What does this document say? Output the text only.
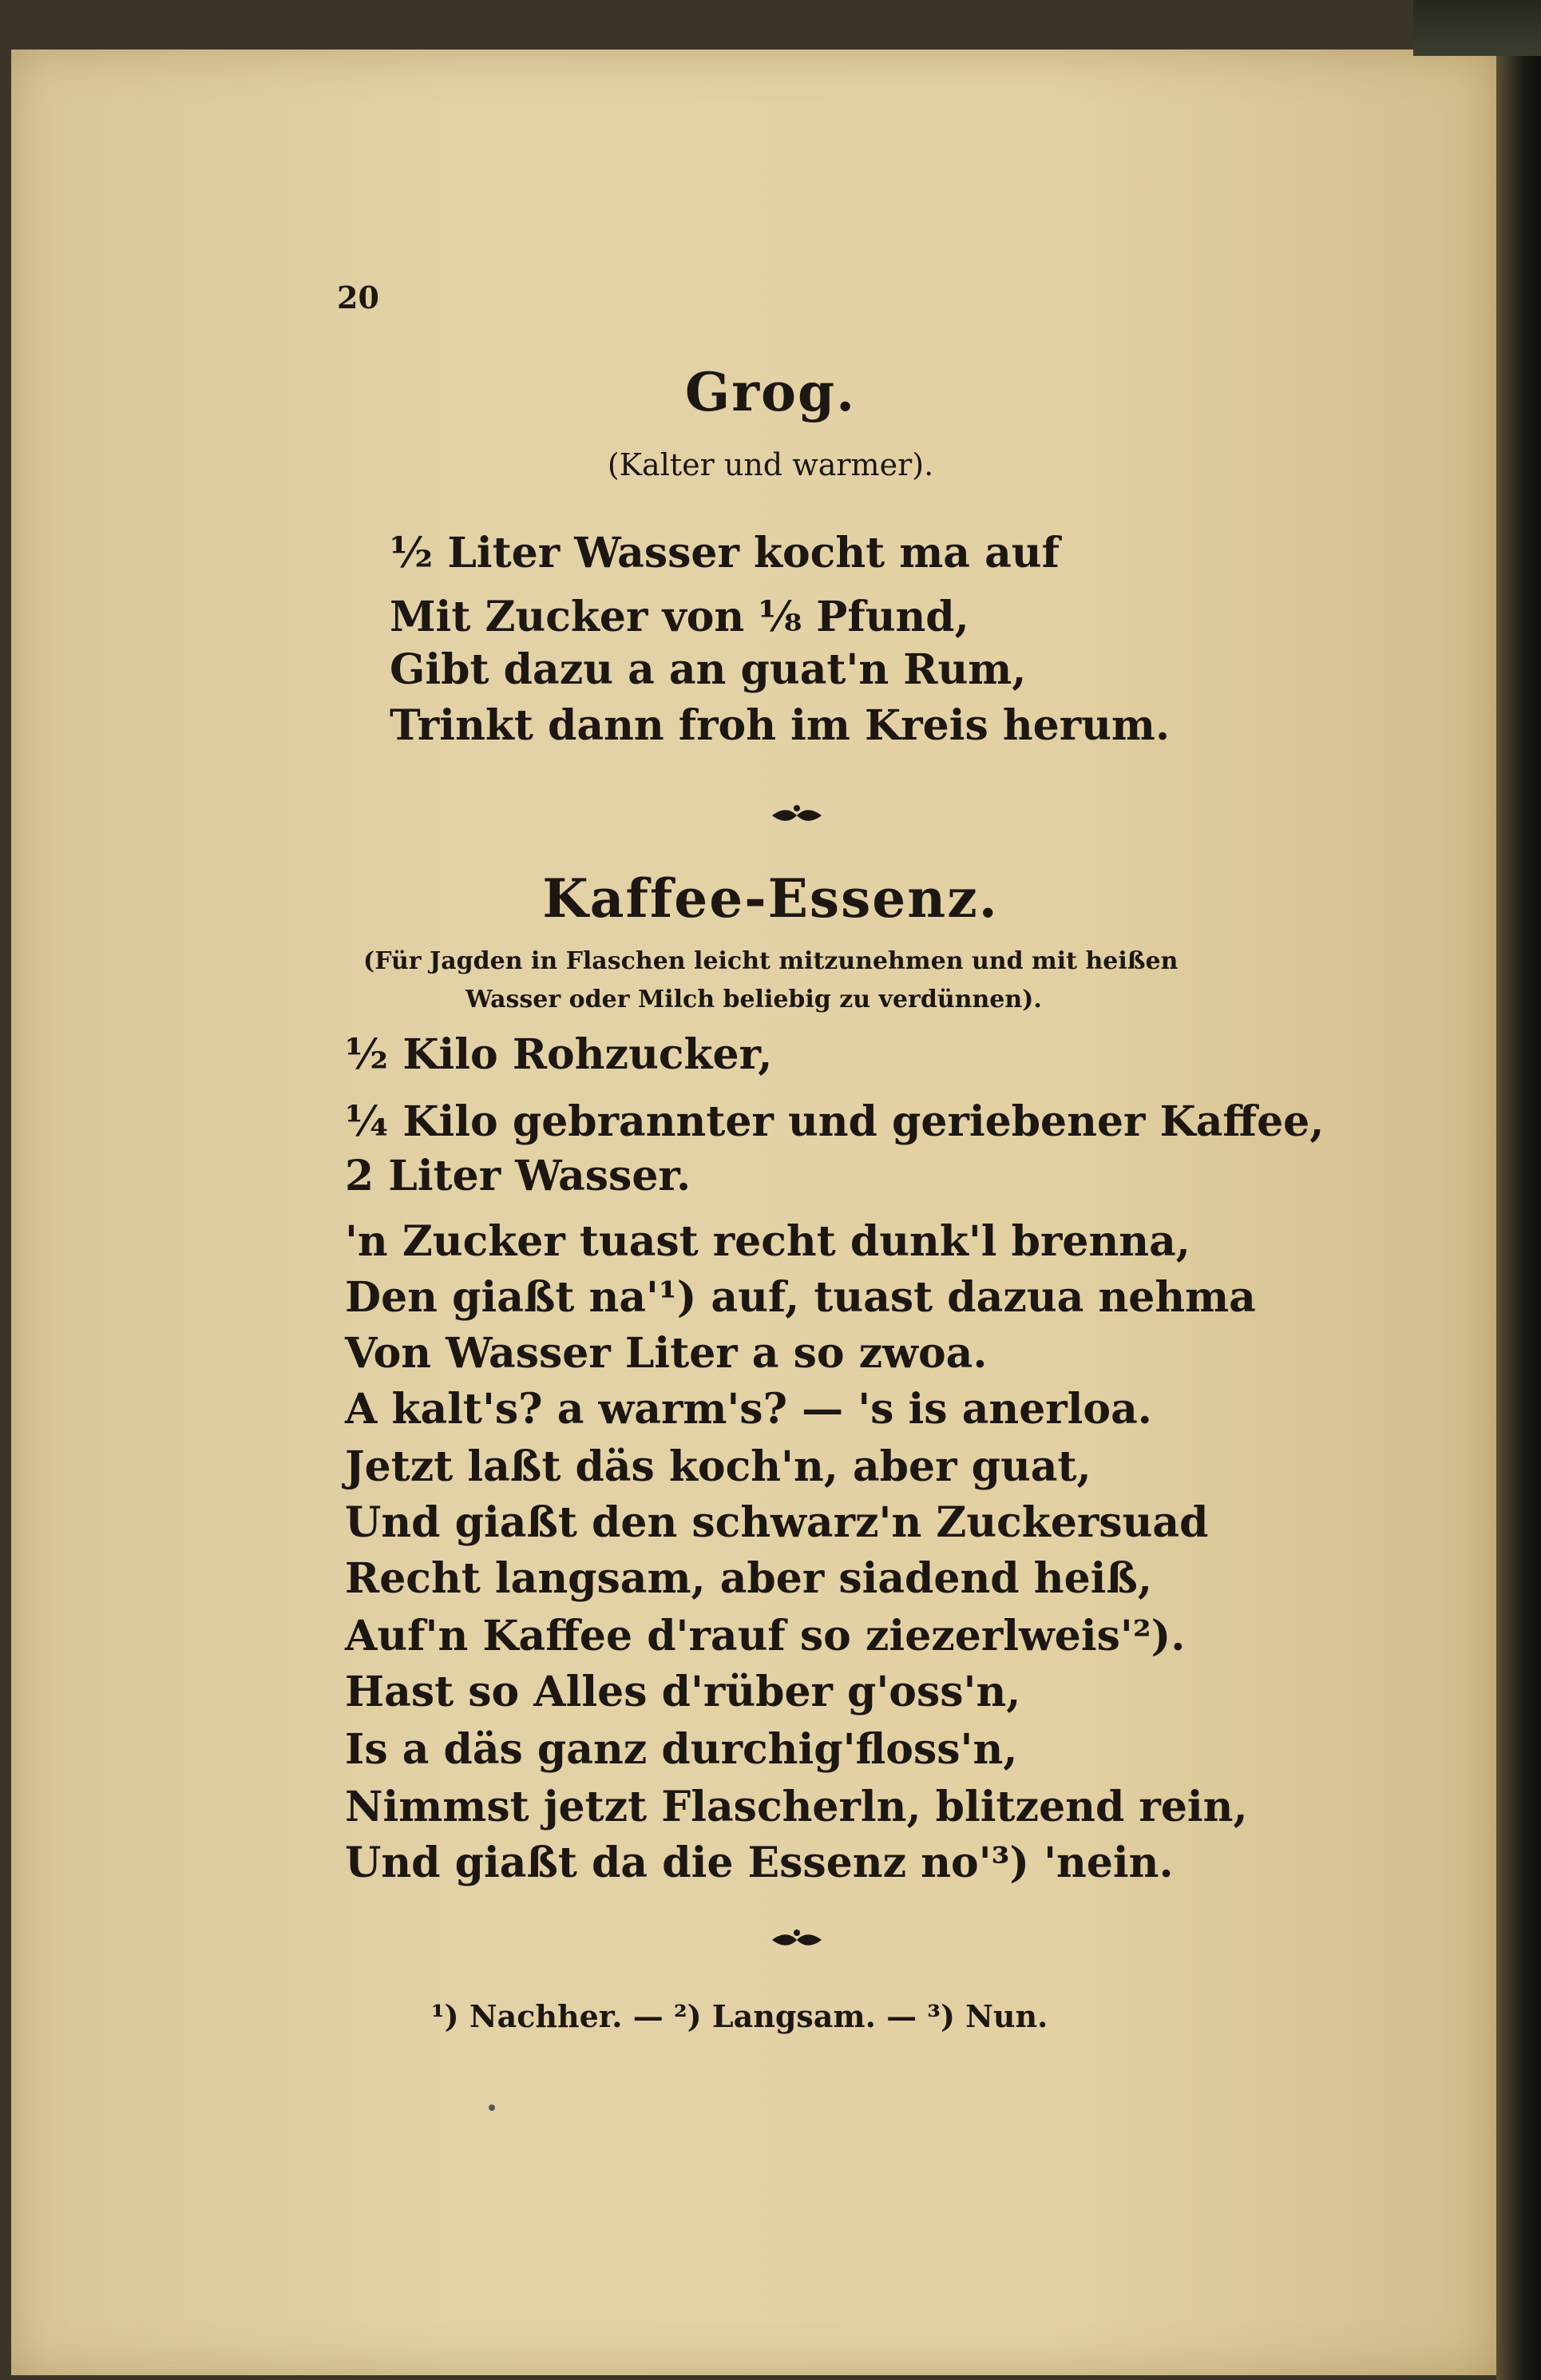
20
Grog.
(Kalter und warmer).
½ Liter Wasser kocht ma auf
Mit Zucker von ⅛ Pfund,
Gibt dazu a an guat'n Rum,
Trinkt dann froh im Kreis herum.
Kaffee-Essenz.
(Für Jagden in Flaschen leicht mitzunehmen und mit heißen
Wasser oder Milch beliebig zu verdünnen).
½ Kilo Rohzucker,
¼ Kilo gebrannter und geriebener Kaffee,
2 Liter Wasser.
'n Zucker tuast recht dunk'l brenna,
Den giaßt na'¹) auf, tuast dazua nehma
Von Wasser Liter a so zwoa.
A kalt's? a warm's? — 's is anerloa.
Jetzt laßt däs koch'n, aber guat,
Und giaßt den schwarz'n Zuckersuad
Recht langsam, aber siadend heiß,
Auf'n Kaffee d'rauf so ziezerlweis'²).
Hast so Alles d'rüber g'oss'n,
Is a däs ganz durchig'floss'n,
Nimmst jetzt Flascherln, blitzend rein,
Und giaßt da die Essenz no'³) 'nein.
¹) Nachher. — ²) Langsam. — ³) Nun.
